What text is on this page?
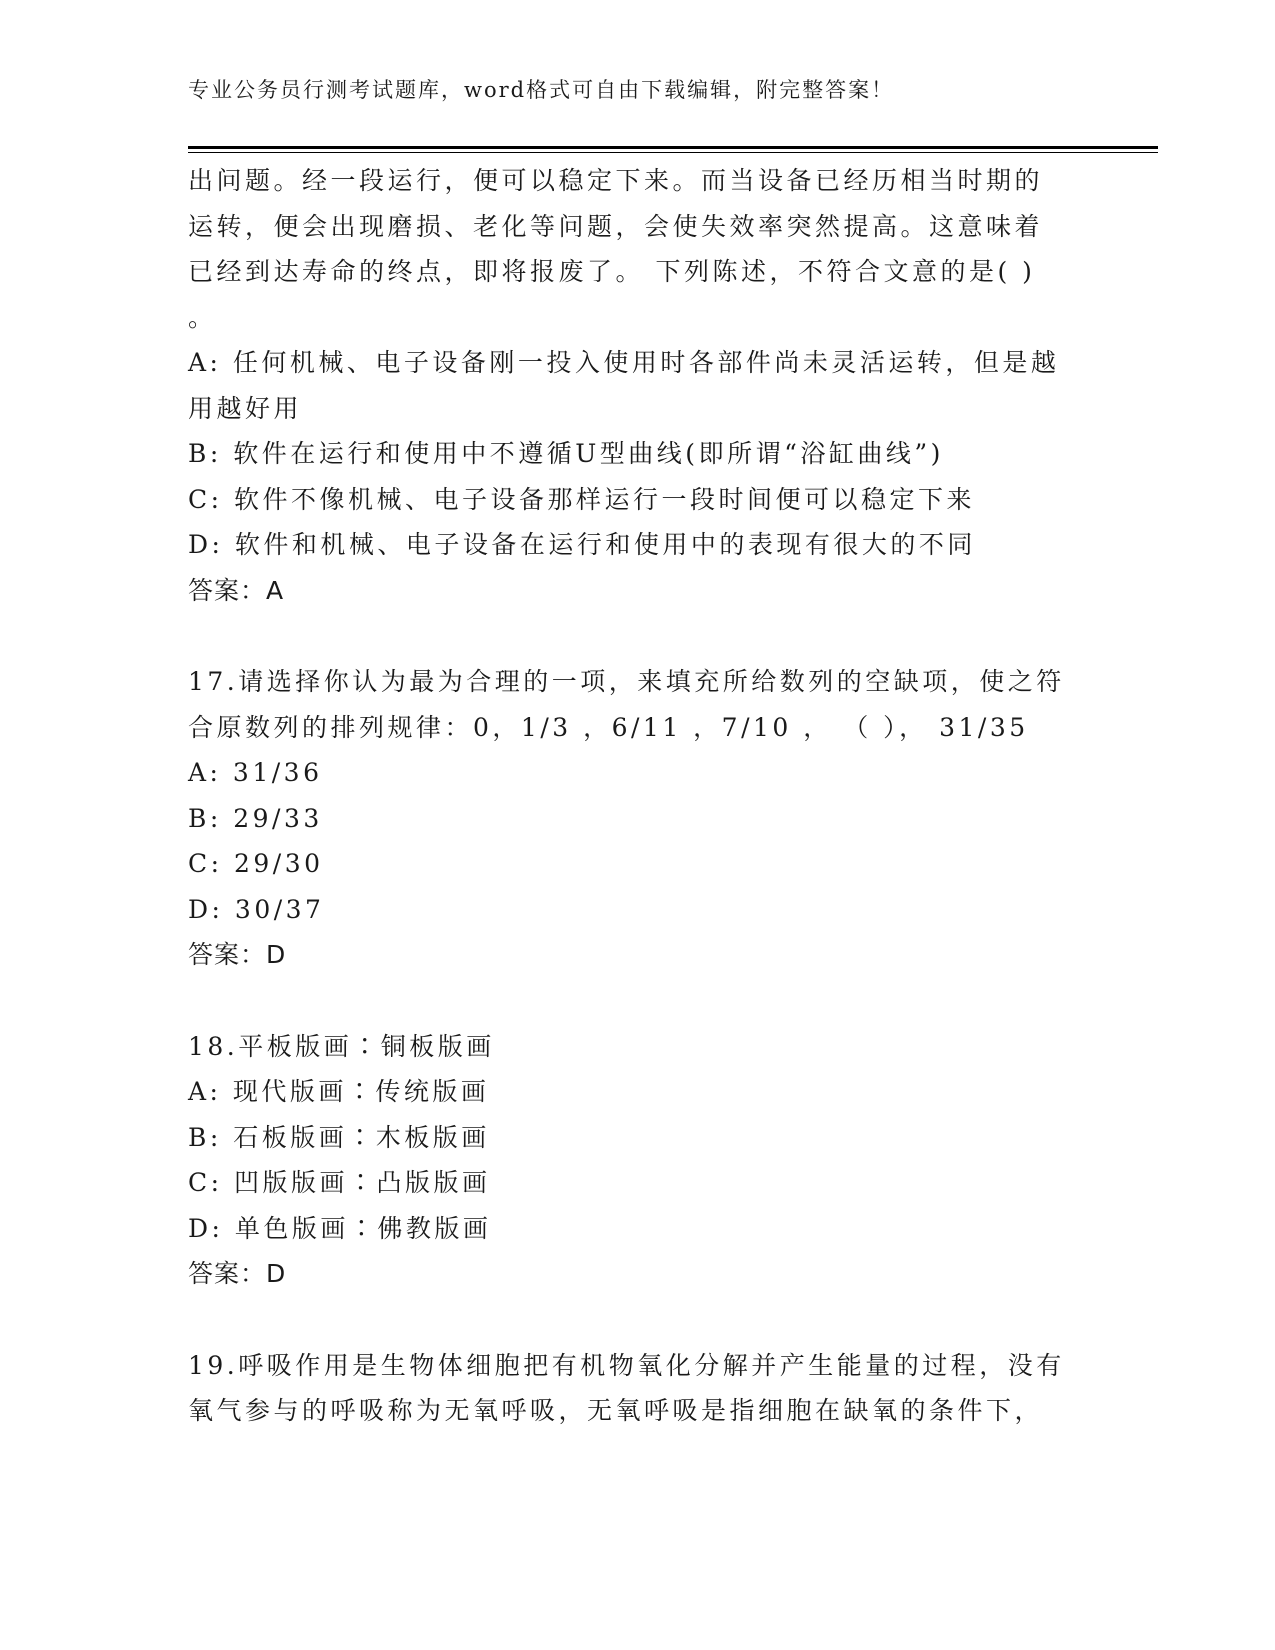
专业公务员行测考试题库，word格式可自由下载编辑，附完整答案！
出问题。经一段运行，便可以稳定下来。而当设备已经历相当时期的
运转，便会出现磨损、老化等问题，会使失效率突然提高。这意味着
已经到达寿命的终点，即将报废了。 下列陈述，不符合文意的是( )
。
A: 任何机械、电子设备刚一投入使用时各部件尚未灵活运转，但是越
用越好用
B: 软件在运行和使用中不遵循U型曲线(即所谓“浴缸曲线”)
C: 软件不像机械、电子设备那样运行一段时间便可以稳定下来
D: 软件和机械、电子设备在运行和使用中的表现有很大的不同
答案：A
17.请选择你认为最为合理的一项，来填充所给数列的空缺项，使之符
合原数列的排列规律：0，1/3 ，6/11 ，7/10 ， （ ）， 31/35
A: 31/36
B: 29/33
C: 29/30
D: 30/37
答案：D
18.平板版画∶铜板版画
A: 现代版画∶传统版画
B: 石板版画∶木板版画
C: 凹版版画∶凸版版画
D: 单色版画∶佛教版画
答案：D
19.呼吸作用是生物体细胞把有机物氧化分解并产生能量的过程，没有
氧气参与的呼吸称为无氧呼吸，无氧呼吸是指细胞在缺氧的条件下，
